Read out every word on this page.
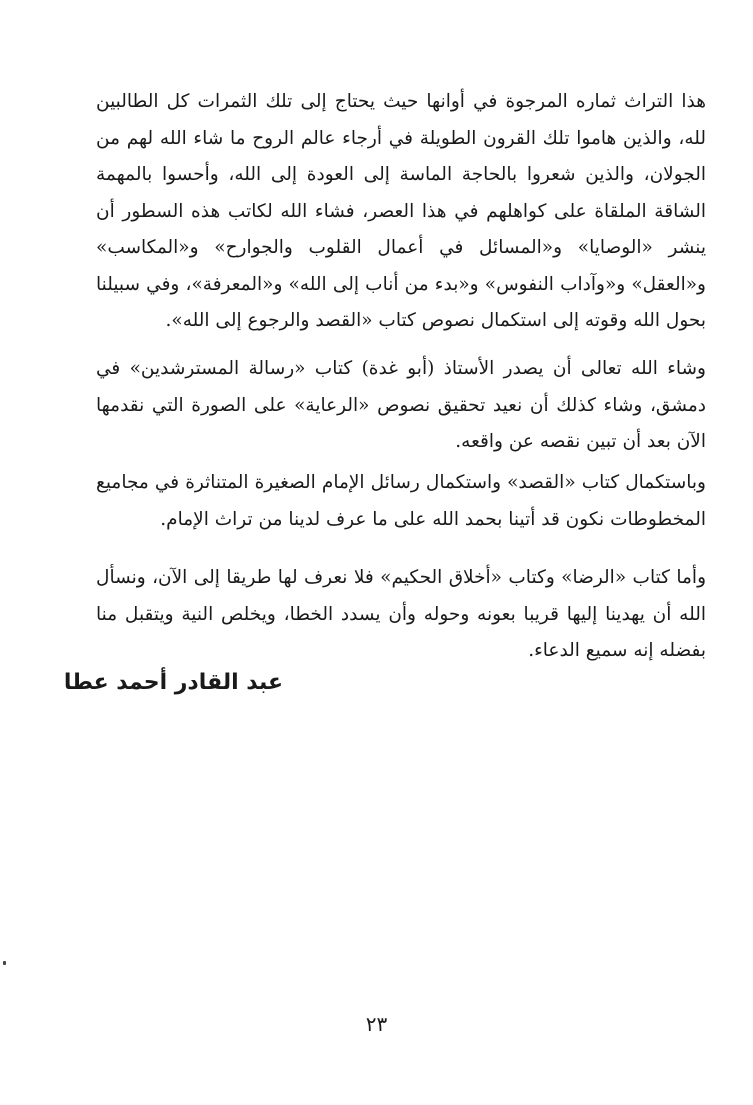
هذا التراث ثماره المرجوة في أوانها حيث يحتاج إلى تلك الثمرات كل الطالبين لله، والذين هاموا تلك القرون الطويلة في أرجاء عالم الروح ما شاء الله لهم من الجولان، والذين شعروا بالحاجة الماسة إلى العودة إلى الله، وأحسوا بالمهمة الشاقة الملقاة على كواهلهم في هذا العصر، فشاء الله لكاتب هذه السطور أن ينشر «الوصايا» و«المسائل في أعمال القلوب والجوارح» و«المكاسب» و«العقل» و«وآداب النفوس» و«بدء من أناب إلى الله» و«المعرفة»، وفي سبيلنا بحول الله وقوته إلى استكمال نصوص كتاب «القصد والرجوع إلى الله».

وشاء الله تعالى أن يصدر الأستاذ (أبو غدة) كتاب «رسالة المسترشدين» في دمشق، وشاء كذلك أن نعيد تحقيق نصوص «الرعاية» على الصورة التي نقدمها الآن بعد أن تبين نقصه عن واقعه.

وباستكمال كتاب «القصد» واستكمال رسائل الإمام الصغيرة المتناثرة في مجاميع المخطوطات نكون قد أتينا بحمد الله على ما عرف لدينا من تراث الإمام.

وأما كتاب «الرضا» وكتاب «أخلاق الحكيم» فلا نعرف لها طريقا إلى الآن، ونسأل الله أن يهدينا إليها قريبا بعونه وحوله وأن يسدد الخطا، ويخلص النية ويتقبل منا بفضله إنه سميع الدعاء.

عبد القادر أحمد عطا
٢٣
